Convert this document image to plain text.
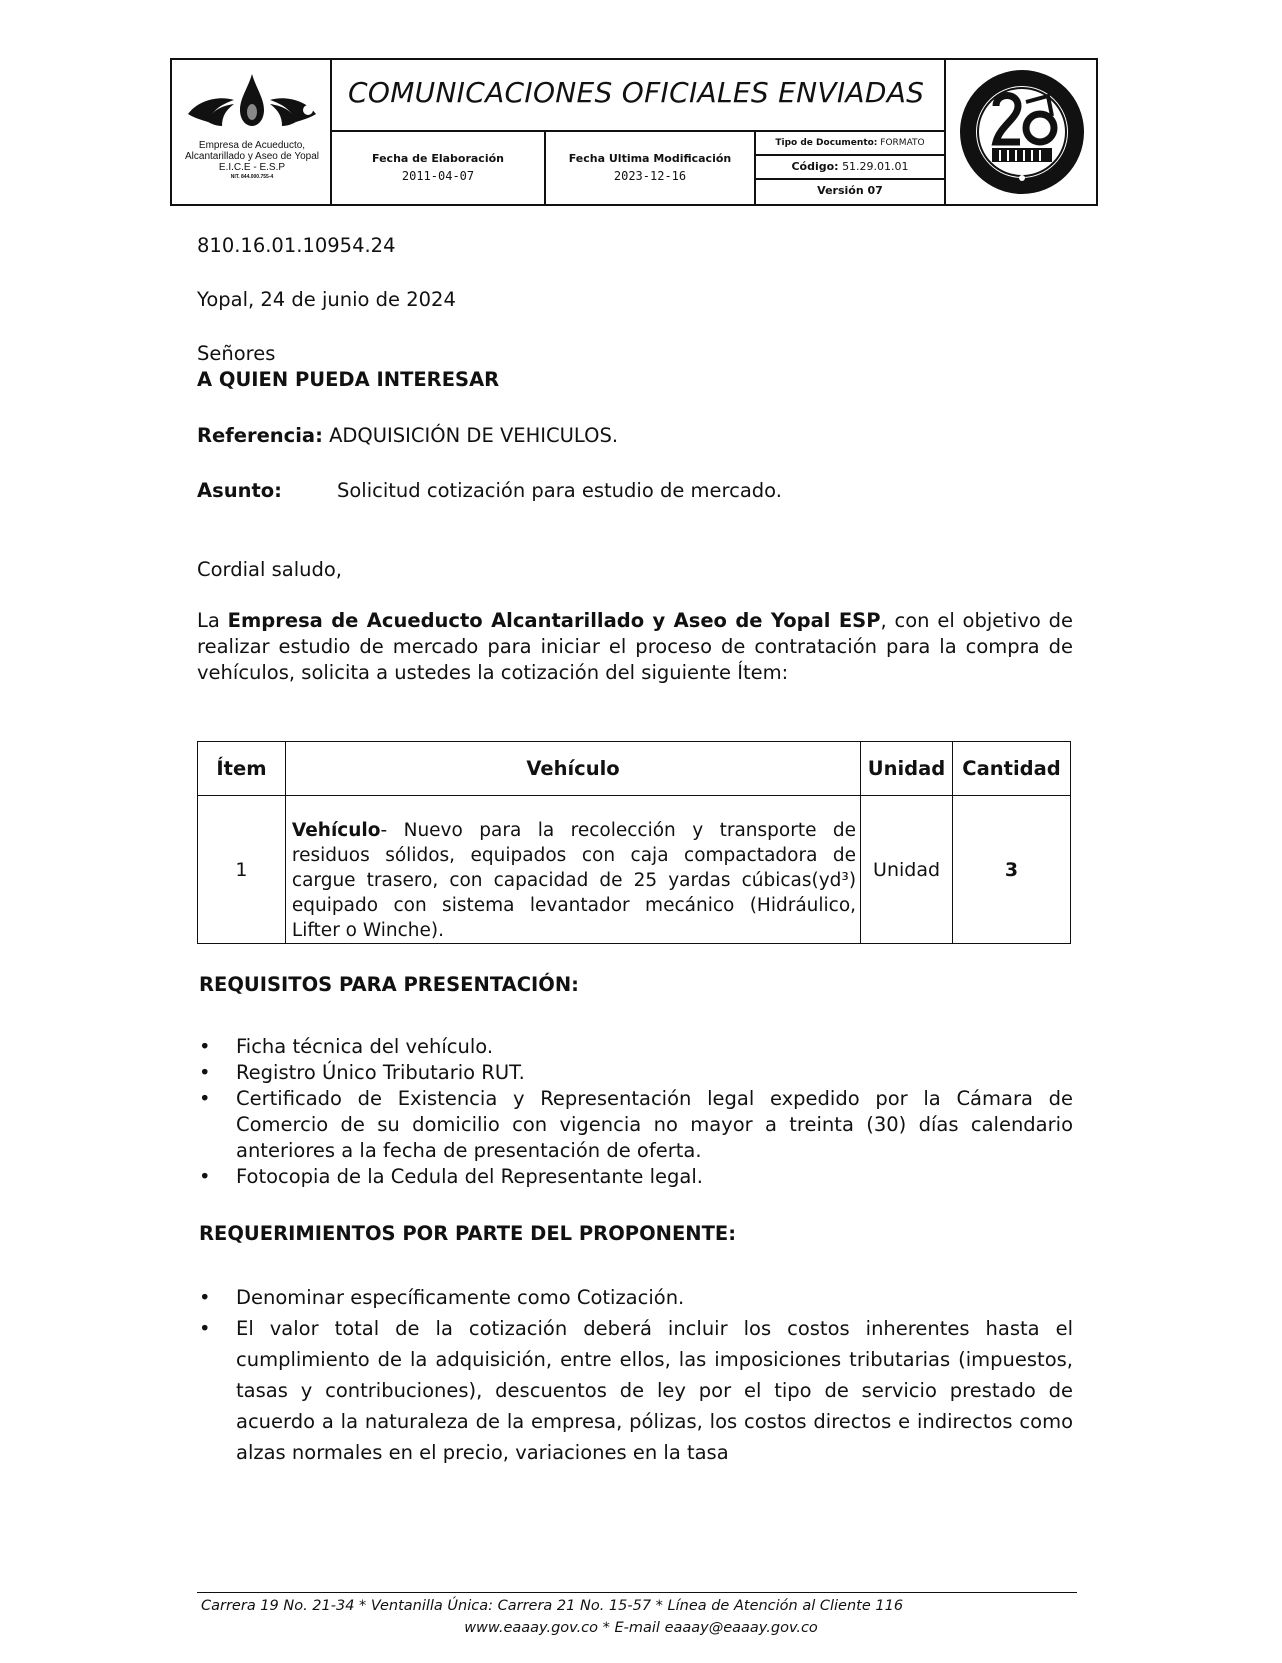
Empresa de Acueducto,
Alcantarillado y Aseo de Yopal
E.I.C.E - E.S.P
NIT. 844.000.755-4
COMUNICACIONES OFICIALES ENVIADAS
Fecha de Elaboración
2011-04-07
Fecha Ultima Modificación
2023-12-16
Tipo de Documento: FORMATO
Código: 51.29.01.01
Versión 07
810.16.01.10954.24
Yopal, 24 de junio de 2024
Señores
A QUIEN PUEDA INTERESAR
Referencia: ADQUISICIÓN DE VEHICULOS.
Asunto:	Solicitud cotización para estudio de mercado.
Cordial saludo,
La Empresa de Acueducto Alcantarillado y Aseo de Yopal ESP, con el objetivo de realizar estudio de mercado para iniciar el proceso de contratación para la compra de vehículos, solicita a ustedes la cotización del siguiente Ítem:
Ítem	Vehículo	Unidad	Cantidad
1	Vehículo- Nuevo para la recolección y transporte de residuos sólidos, equipados con caja compactadora de cargue trasero, con capacidad de 25 yardas cúbicas(yd³) equipado con sistema levantador mecánico (Hidráulico, Lifter o Winche).	Unidad	3
REQUISITOS PARA PRESENTACIÓN:
• Ficha técnica del vehículo.
• Registro Único Tributario RUT.
• Certificado de Existencia y Representación legal expedido por la Cámara de Comercio de su domicilio con vigencia no mayor a treinta (30) días calendario anteriores a la fecha de presentación de oferta.
• Fotocopia de la Cedula del Representante legal.
REQUERIMIENTOS POR PARTE DEL PROPONENTE:
• Denominar específicamente como Cotización.
• El valor total de la cotización deberá incluir los costos inherentes hasta el cumplimiento de la adquisición, entre ellos, las imposiciones tributarias (impuestos, tasas y contribuciones), descuentos de ley por el tipo de servicio prestado de acuerdo a la naturaleza de la empresa, pólizas, los costos directos e indirectos como alzas normales en el precio, variaciones en la tasa
Carrera 19 No. 21-34 * Ventanilla Única: Carrera 21 No. 15-57 * Línea de Atención al Cliente 116
www.eaaay.gov.co * E-mail eaaay@eaaay.gov.co
